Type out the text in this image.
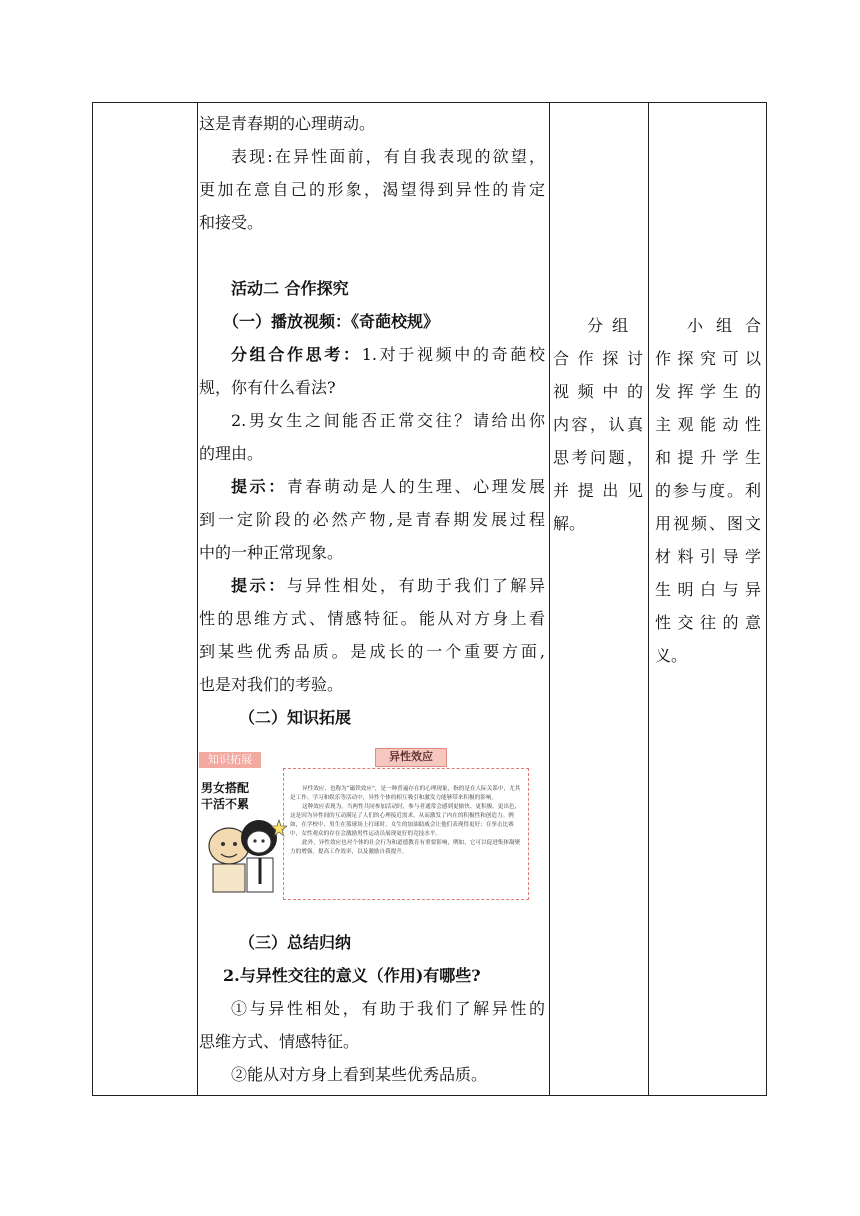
这是青春期的心理萌动。

表现:在异性面前，有自我表现的欲望，

更加在意自己的形象，渴望得到异性的肯定

和接受。

活动二 合作探究

（一）播放视频：《奇葩校规》

分组合作思考：1.对于视频中的奇葩校

规，你有什么看法?

2.男女生之间能否正常交往？请给出你

的理由。

提示：青春萌动是人的生理、心理发展

到一定阶段的必然产物,是青春期发展过程

中的一种正常现象。

提示：与异性相处，有助于我们了解异

性的思维方式、情感特征。能从对方身上看

到某些优秀品质。是成长的一个重要方面,

也是对我们的考验。

（二）知识拓展

知识拓展
男女搭配
干活不累

异性效应，也称为“磁铁效应”，是一种普遍存在的心理现象，指的是在人际关系中，尤其是工作、学习和娱乐等活动中，异性个体的相互吸引和激发力能够带来积极的影响。

这种效应表现为，当两性共同参加活动时，参与者通常会感到更愉快、更积极、更出色，这是因为异性间的互动满足了人们的心理接近需求，从而激发了内在的积极性和创造力。例如，在学校中，男生在篮球场上打球时，女生的加油助威会让他们表现得更好；在拳击比赛中，女性观众的存在会激励男性运动员展现更好的竞技水平。

此外，异性效应也对个体的社会行为和道德教育有重要影响，例如，它可以促进集体凝聚力的增强，提高工作效率，以及激励自我提升。

异性效应

（三）总结归纳

2.与异性交往的意义（作用)有哪些?

①与异性相处，有助于我们了解异性的

思维方式、情感特征。

②能从对方身上看到某些优秀品质。

分 组

合作探讨

视频中的

内容，认真

思考问题，

并提出见

解。

小组合

作探究可以

发挥学生的

主观能动性

和提升学生

的参与度。利

用视频、图文

材料引导学

生明白与异

性交往的意

义。
